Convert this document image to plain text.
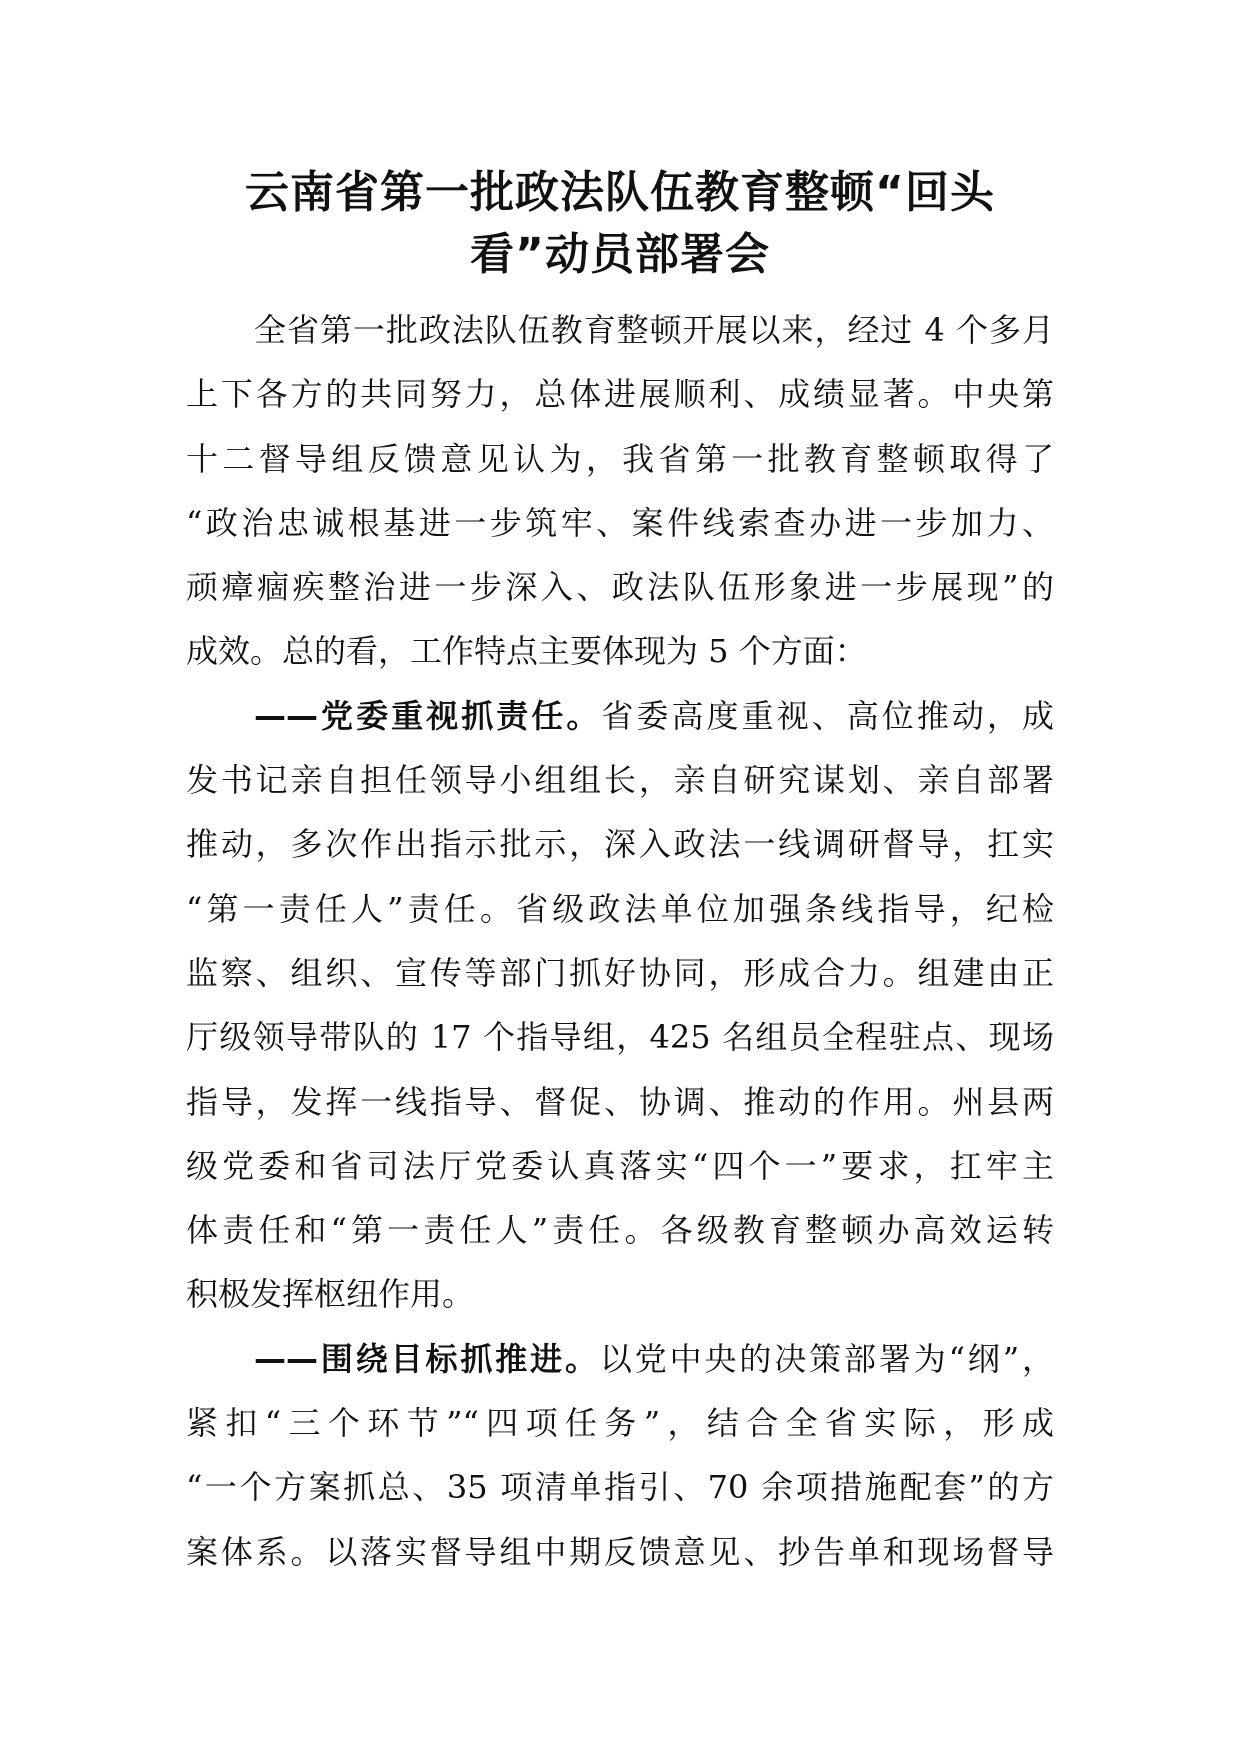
云南省第一批政法队伍教育整顿“回头
看”动员部署会
全省第一批政法队伍教育整顿开展以来，经过 4 个多月
上下各方的共同努力，总体进展顺利、成绩显著。中央第
十二督导组反馈意见认为，我省第一批教育整顿取得了
“政治忠诚根基进一步筑牢、案件线索查办进一步加力、
顽瘴痼疾整治进一步深入、政法队伍形象进一步展现”的
成效。总的看，工作特点主要体现为 5 个方面：
——党委重视抓责任。省委高度重视、高位推动，成
发书记亲自担任领导小组组长，亲自研究谋划、亲自部署
推动，多次作出指示批示，深入政法一线调研督导，扛实
“第一责任人”责任。省级政法单位加强条线指导，纪检
监察、组织、宣传等部门抓好协同，形成合力。组建由正
厅级领导带队的 17 个指导组，425 名组员全程驻点、现场
指导，发挥一线指导、督促、协调、推动的作用。州县两
级党委和省司法厅党委认真落实“四个一”要求，扛牢主
体责任和“第一责任人”责任。各级教育整顿办高效运转
积极发挥枢纽作用。
——围绕目标抓推进。以党中央的决策部署为“纲”，
紧扣“三个环节”“四项任务”，结合全省实际，形成
“一个方案抓总、35 项清单指引、70 余项措施配套”的方
案体系。以落实督导组中期反馈意见、抄告单和现场督导
